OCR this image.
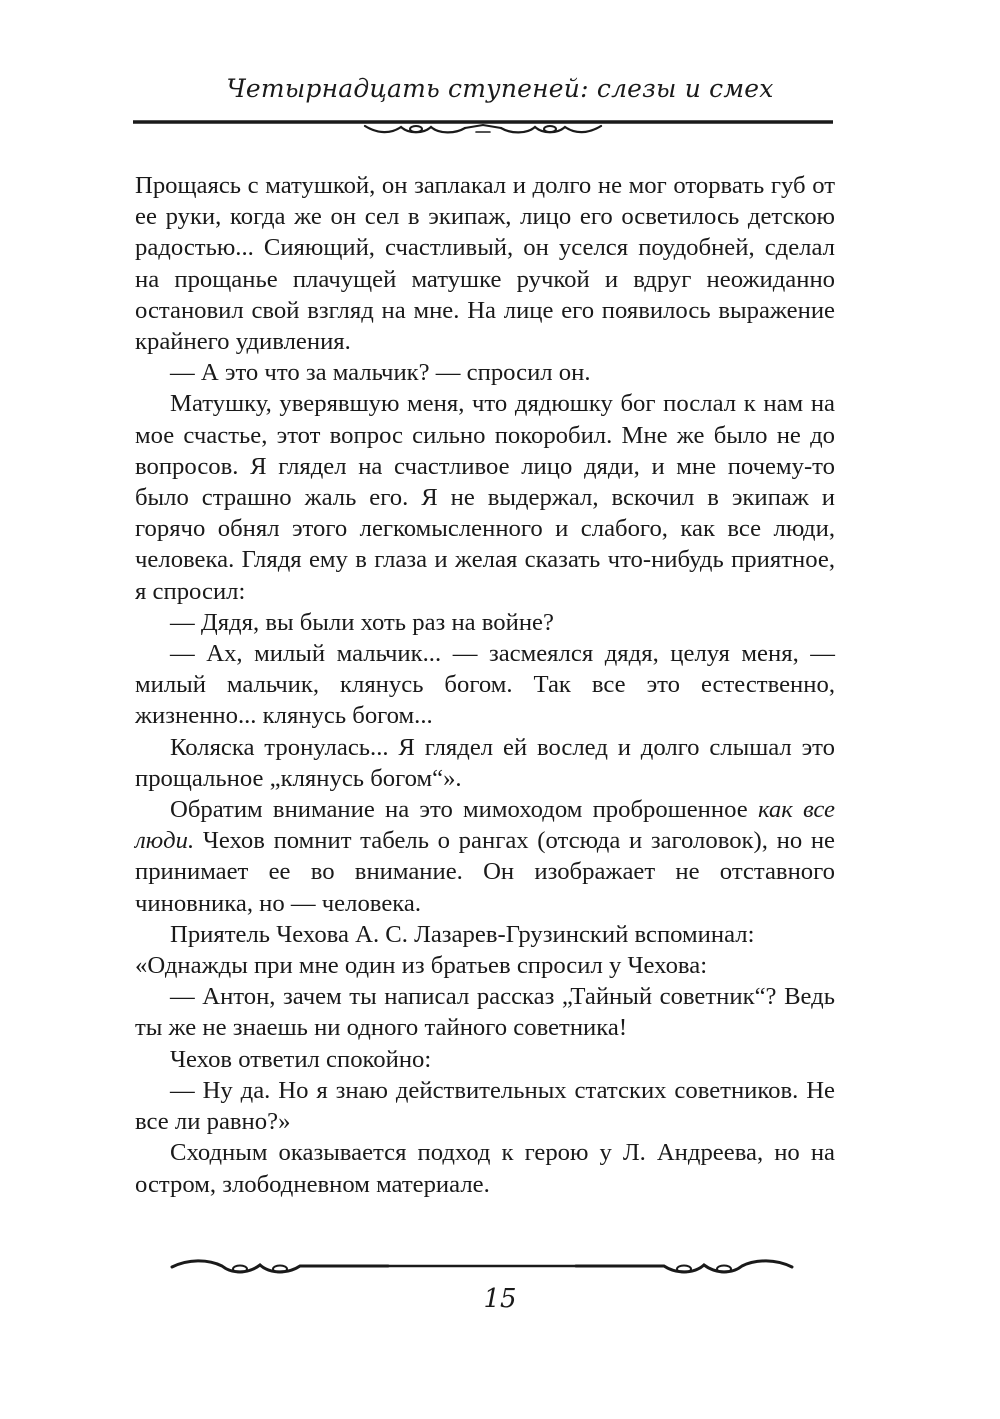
Четырнадцать ступеней: слезы и смех

Прощаясь с матушкой, он заплакал и долго не мог оторвать губ от ее руки, когда же он сел в экипаж, лицо его осветилось детскою радостью... Сияющий, счастливый, он уселся поудобней, сделал на прощанье плачущей матушке ручкой и вдруг неожиданно остановил свой взгляд на мне. На лице его появилось выражение крайнего удивления.

— А это что за мальчик? — спросил он.

Матушку, уверявшую меня, что дядюшку бог послал к нам на мое счастье, этот вопрос сильно покоробил. Мне же было не до вопросов. Я глядел на счастливое лицо дяди, и мне почему-то было страшно жаль его. Я не выдержал, вскочил в экипаж и горячо обнял этого легкомысленного и слабого, как все люди, человека. Глядя ему в глаза и желая сказать что-нибудь приятное, я спросил:

— Дядя, вы были хоть раз на войне?

— Ах, милый мальчик... — засмеялся дядя, целуя меня, — милый мальчик, клянусь богом. Так все это естественно, жизненно... клянусь богом...

Коляска тронулась... Я глядел ей вослед и долго слышал это прощальное „клянусь богом“».

Обратим внимание на это мимоходом проброшенное как все люди. Чехов помнит табель о рангах (отсюда и заголовок), но не принимает ее во внимание. Он изображает не отставного чиновника, но — человека.

Приятель Чехова А. С. Лазарев-Грузинский вспоминал:

«Однажды при мне один из братьев спросил у Чехова:

— Антон, зачем ты написал рассказ „Тайный советник“? Ведь ты же не знаешь ни одного тайного советника!

Чехов ответил спокойно:

— Ну да. Но я знаю действительных статских советников. Не все ли равно?»

Сходным оказывается подход к герою у Л. Андреева, но на остром, злободневном материале.

15
